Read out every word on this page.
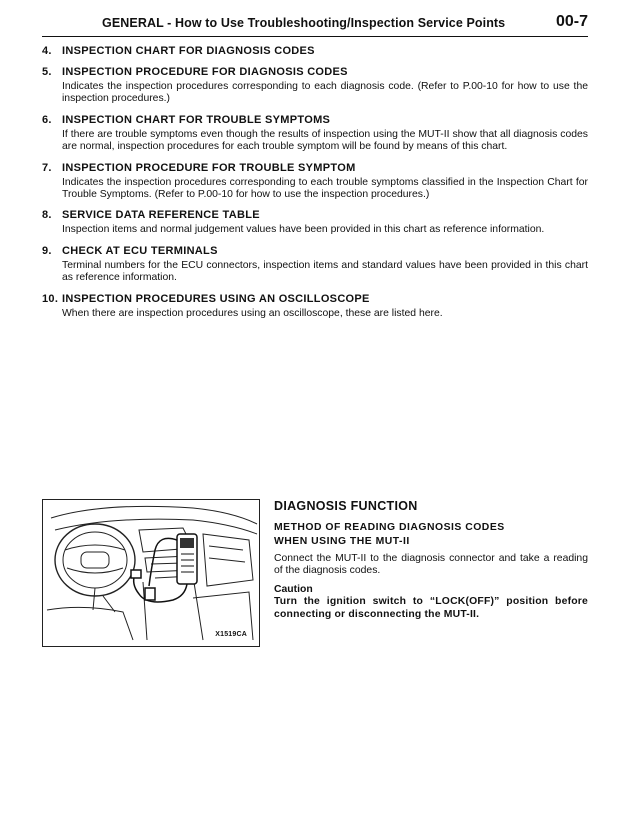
GENERAL - How to Use Troubleshooting/Inspection Service Points	00-7
4. INSPECTION CHART FOR DIAGNOSIS CODES
5. INSPECTION PROCEDURE FOR DIAGNOSIS CODES
Indicates the inspection procedures corresponding to each diagnosis code. (Refer to P.00-10 for how to use the inspection procedures.)
6. INSPECTION CHART FOR TROUBLE SYMPTOMS
If there are trouble symptoms even though the results of inspection using the MUT-II show that all diagnosis codes are normal, inspection procedures for each trouble symptom will be found by means of this chart.
7. INSPECTION PROCEDURE FOR TROUBLE SYMPTOM
Indicates the inspection procedures corresponding to each trouble symptoms classified in the Inspection Chart for Trouble Symptoms. (Refer to P.00-10 for how to use the inspection procedures.)
8. SERVICE DATA REFERENCE TABLE
Inspection items and normal judgement values have been provided in this chart as reference information.
9. CHECK AT ECU TERMINALS
Terminal numbers for the ECU connectors, inspection items and standard values have been provided in this chart as reference information.
10. INSPECTION PROCEDURES USING AN OSCILLOSCOPE
When there are inspection procedures using an oscilloscope, these are listed here.
X1519CA
DIAGNOSIS FUNCTION
METHOD OF READING DIAGNOSIS CODES
WHEN USING THE MUT-II
Connect the MUT-II to the diagnosis connector and take a reading of the diagnosis codes.
Caution
Turn the ignition switch to “LOCK(OFF)” position before connecting or disconnecting the MUT-II.
